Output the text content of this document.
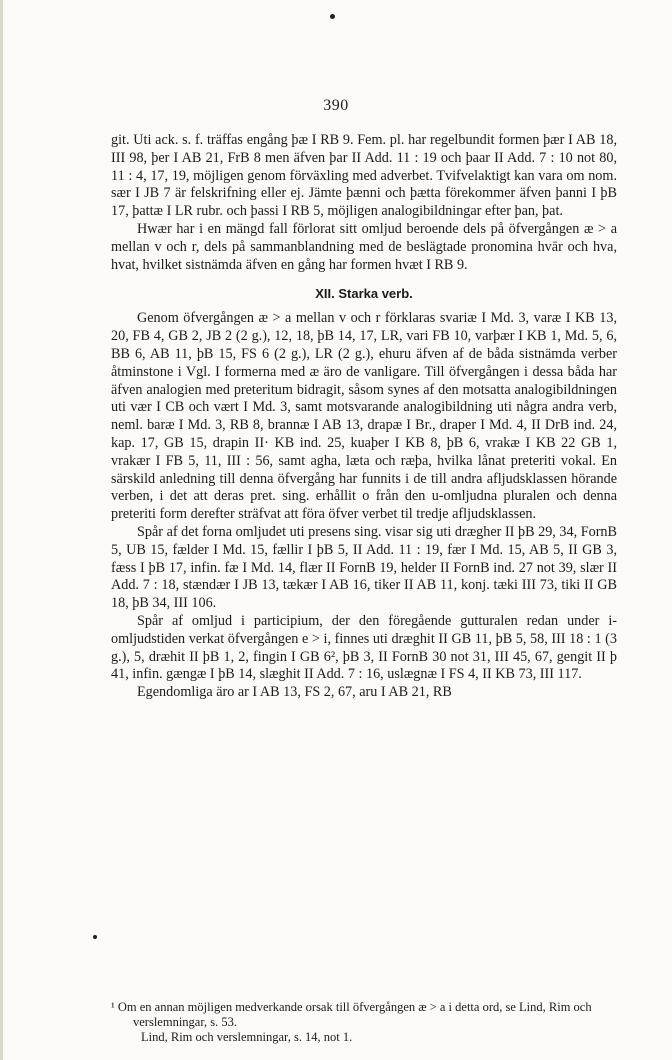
390

git. Uti ack. s. f. träffas engång þæ I RB 9. Fem. pl. har regelbundit formen þær I AB 18, III 98, þer I AB 21, FrB 8 men äfven þar II Add. 11 : 19 och þaar II Add. 7 : 10 not 80, 11 : 4, 17, 19, möjligen genom förväxling med adverbet. Tvifvelaktigt kan vara om nom. sær I JB 7 är felskrifning eller ej. Jämte þænni och þætta förekommer äfven þanni I þB 17, þattæ I LR rubr. och þassi I RB 5, möjligen analogibildningar efter þan, þat.

Hwær har i en mängd fall förlorat sitt omljud beroende dels på öfvergången æ > a mellan v och r, dels på sammanblandning med de beslägtade pronomina hvār och hva, hvat, hvilket sistnämda äfven en gång har formen hvæt I RB 9.

XII. Starka verb.

Genom öfvergången æ > a mellan v och r förklaras svariæ I Md. 3, varæ I KB 13, 20, FB 4, GB 2, JB 2 (2 g.), 12, 18, þB 14, 17, LR, vari FB 10, varþær I KB 1, Md. 5, 6, BB 6, AB 11, þB 15, FS 6 (2 g.), LR (2 g.), ehuru äfven af de båda sistnämda verber åtminstone i Vgl. I formerna med æ äro de vanligare. Till öfvergången i dessa båda har äfven analogien med preteritum bidragit, såsom synes af den motsatta analogibildningen uti vær I CB och vært I Md. 3, samt motsvarande analogibildning uti några andra verb, neml. baræ I Md. 3, RB 8, brannæ I AB 13, drapæ I Br., draper I Md. 4, II DrB ind. 24, kap. 17, GB 15, drapin II· KB ind. 25, kuaþer I KB 8, þB 6, vrakæ I KB 22 GB 1, vrakær I FB 5, 11, III : 56, samt agha, læta och ræþa, hvilka lånat preteriti vokal. En särskild anledning till denna öfvergång har funnits i de till andra afljudsklassen hörande verben, i det att deras pret. sing. erhållit o från den u-omljudna pluralen och denna preteriti form derefter sträfvat att föra öfver verbet til tredje afljudsklassen.

Spår af det forna omljudet uti presens sing. visar sig uti drægher II þB 29, 34, FornB 5, UB 15, fælder I Md. 15, fællir I þB 5, II Add. 11 : 19, fær I Md. 15, AB 5, II GB 3, fæss I þB 17, infin. fæ I Md. 14, flær II FornB 19, helder II FornB ind. 27 not 39, slær II Add. 7 : 18, stændær I JB 13, tækær I AB 16, tiker II AB 11, konj. tæki III 73, tiki II GB 18, þB 34, III 106.

Spår af omljud i participium, der den föregående gutturalen redan under i-omljudstiden verkat öfvergången e > i, finnes uti dræghit II GB 11, þB 5, 58, III 18 : 1 (3 g.), 5, dræhit II þB 1, 2, fingin I GB 6², þB 3, II FornB 30 not 31, III 45, 67, gengit II þ 41, infin. gængæ I þB 14, slæghit II Add. 7 : 16, uslægnæ I FS 4, II KB 73, III 117.

Egendomliga äro ar I AB 13, FS 2, 67, aru I AB 21, RB

¹ Om en annan möjligen medverkande orsak till öfvergången æ > a i detta ord, se Lind, Rim och verslemningar, s. 53.

Lind, Rim och verslemningar, s. 14, not 1.
